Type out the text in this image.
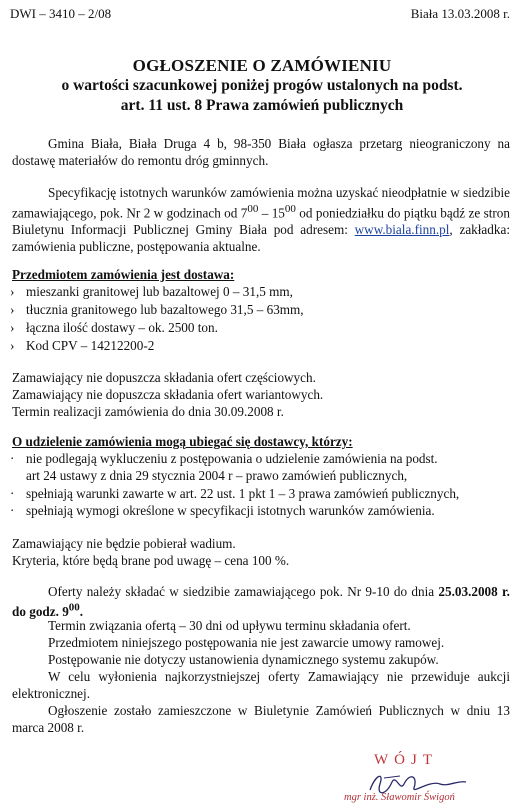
DWI – 3410 – 2/08	Biała 13.03.2008 r.
OGŁOSZENIE O ZAMÓWIENIU
o wartości szacunkowej poniżej progów ustalonych na podst.
art. 11 ust. 8 Prawa zamówień publicznych
Gmina Biała, Biała Druga 4 b, 98-350 Biała ogłasza przetarg nieograniczony na dostawę materiałów do remontu dróg gminnych.
Specyfikację istotnych warunków zamówienia można uzyskać nieodpłatnie w siedzibie zamawiającego, pok. Nr 2 w godzinach od $7^{00} - 15^{00}$ od poniedziałku do piątku bądź ze stron Biuletynu Informacji Publicznej Gminy Biała pod adresem: www.biala.finn.pl, zakładka: zamówienia publiczne, postępowania aktualne.
Przedmiotem zamówienia jest dostawa:
› mieszanki granitowej lub bazaltowej 0 – 31,5 mm,
› tłucznia granitowego lub bazaltowego 31,5 – 63mm,
› łączna ilość dostawy – ok. 2500 ton.
› Kod CPV – 14212200-2
Zamawiający nie dopuszcza składania ofert częściowych.
Zamawiający nie dopuszcza składania ofert wariantowych.
Termin realizacji zamówienia do dnia 30.09.2008 r.
O udzielenie zamówienia mogą ubiegać się dostawcy, którzy:
· nie podlegają wykluczeniu z postępowania o udzielenie zamówienia na podst.
art 24 ustawy z dnia 29 stycznia 2004 r – prawo zamówień publicznych,
· spełniają warunki zawarte w art. 22 ust. 1 pkt 1 – 3 prawa zamówień publicznych,
· spełniają wymogi określone w specyfikacji istotnych warunków zamówienia.
Zamawiający nie będzie pobierał wadium.
Kryteria, które będą brane pod uwagę – cena 100 %.
Oferty należy składać w siedzibie zamawiającego pok. Nr 9-10 do dnia 25.03.2008 r. do godz. $9^{00}$.
Termin związania ofertą – 30 dni od upływu terminu składania ofert.
Przedmiotem niniejszego postępowania nie jest zawarcie umowy ramowej.
Postępowanie nie dotyczy ustanowienia dynamicznego systemu zakupów.
W celu wyłonienia najkorzystniejszej oferty Zamawiający nie przewiduje aukcji elektronicznej.
Ogłoszenie zostało zamieszczone w Biuletynie Zamówień Publicznych w dniu 13 marca 2008 r.
WÓJT
mgr inż. Sławomir Świgoń
